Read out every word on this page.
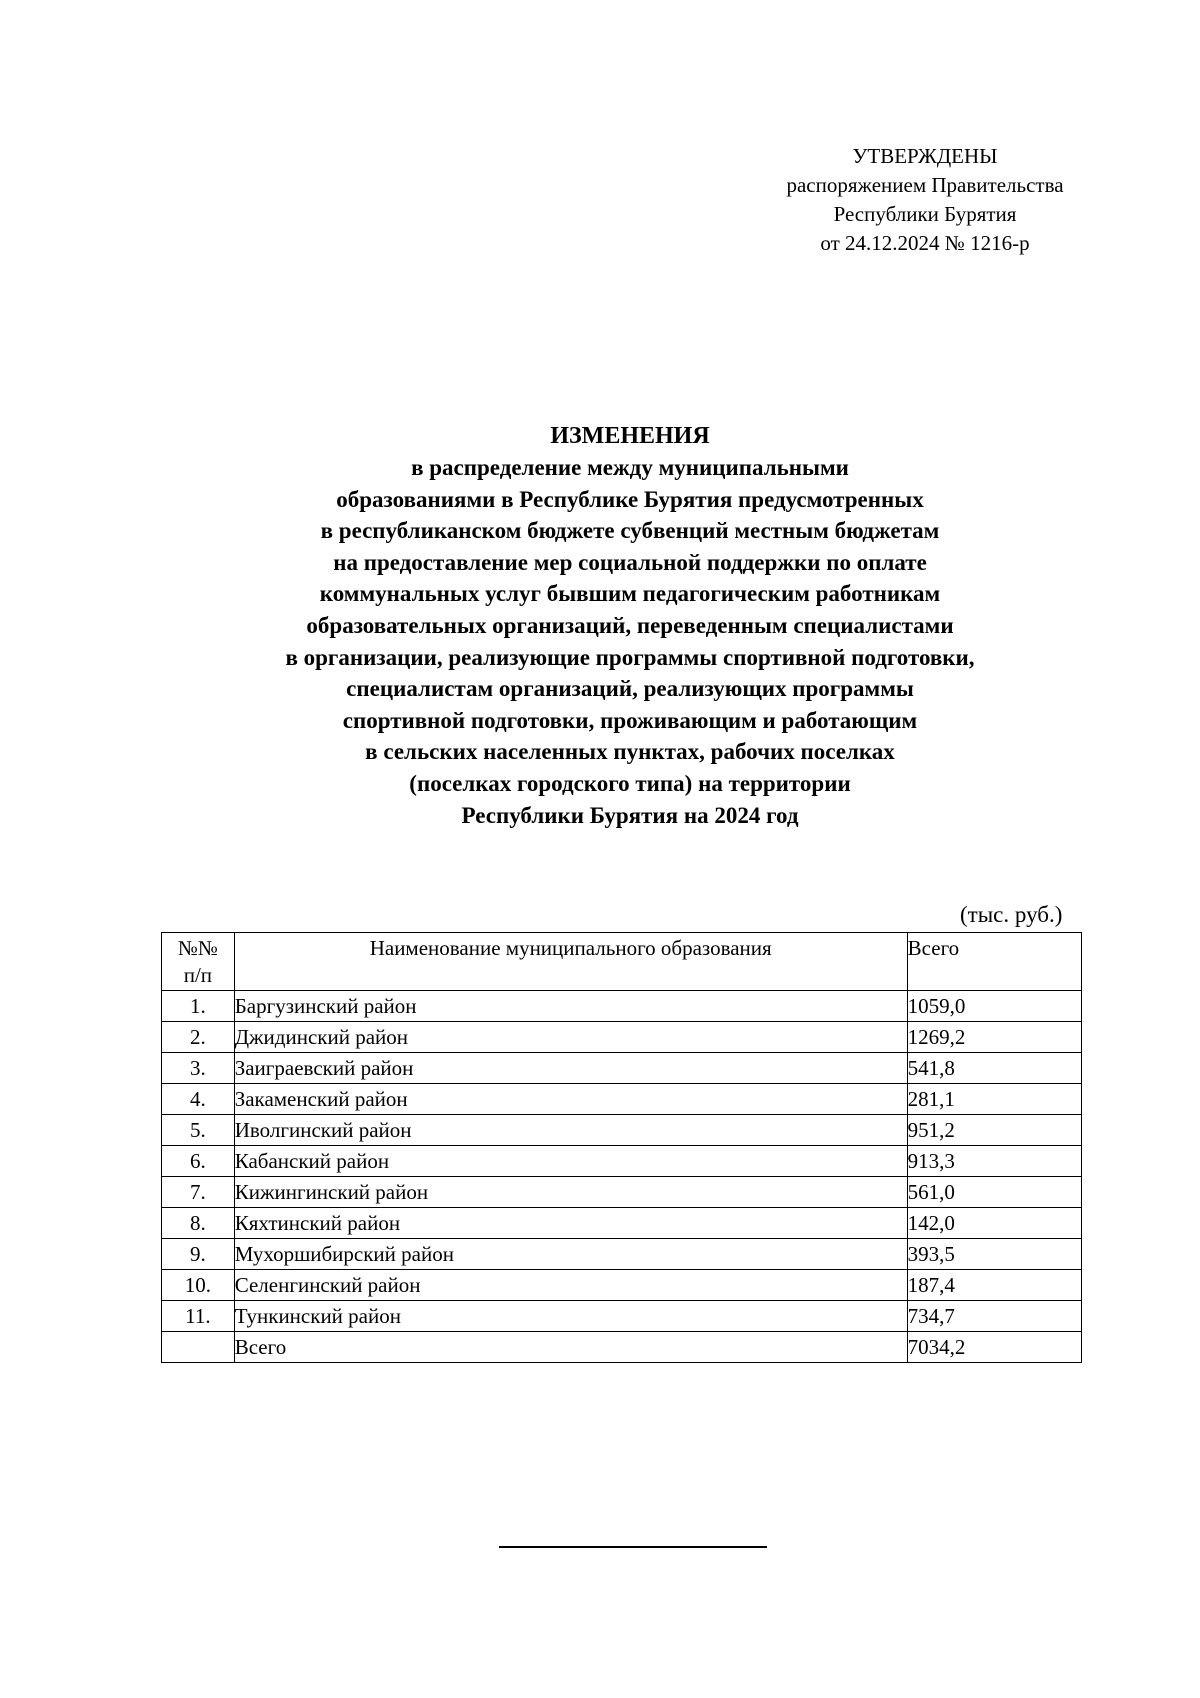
УТВЕРЖДЕНЫ
распоряжением Правительства
Республики Бурятия
от 24.12.2024 № 1216-р
ИЗМЕНЕНИЯ
в распределение между муниципальными
образованиями в Республике Бурятия предусмотренных
в республиканском бюджете субвенций местным бюджетам
на предоставление мер социальной поддержки по оплате
коммунальных услуг бывшим педагогическим работникам
образовательных организаций, переведенным специалистами
в организации, реализующие программы спортивной подготовки,
специалистам организаций, реализующих программы
спортивной подготовки, проживающим и работающим
в сельских населенных пунктах, рабочих поселках
(поселках городского типа) на территории
Республики Бурятия на 2024 год
(тыс. руб.)
№№
п/п	Наименование муниципального образования	Всего
1.	Баргузинский район	1059,0
2.	Джидинский район	1269,2
3.	Заиграевский район	541,8
4.	Закаменский район	281,1
5.	Иволгинский район	951,2
6.	Кабанский район	913,3
7.	Кижингинский район	561,0
8.	Кяхтинский район	142,0
9.	Мухоршибирский район	393,5
10.	Селенгинский район	187,4
11.	Тункинский район	734,7
	Всего	7034,2
